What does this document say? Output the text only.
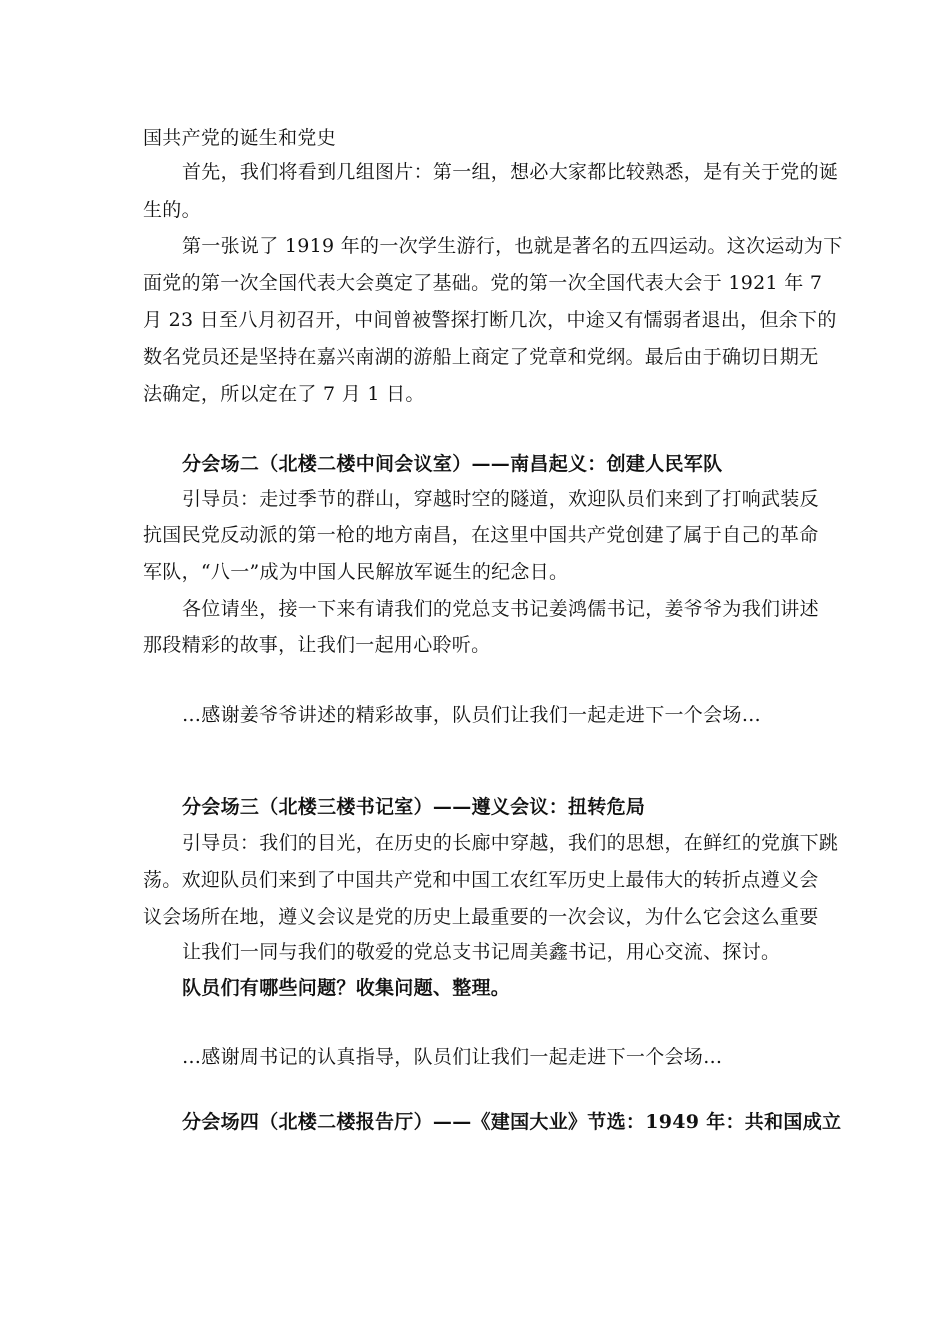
国共产党的诞生和党史
首先，我们将看到几组图片：第一组，想必大家都比较熟悉，是有关于党的诞
生的。
第一张说了 1919 年的一次学生游行，也就是著名的五四运动。这次运动为下
面党的第一次全国代表大会奠定了基础。党的第一次全国代表大会于 1921 年 7
月 23 日至八月初召开，中间曾被警探打断几次，中途又有懦弱者退出，但余下的
数名党员还是坚持在嘉兴南湖的游船上商定了党章和党纲。最后由于确切日期无
法确定，所以定在了 7 月 1 日。
分会场二（北楼二楼中间会议室）——南昌起义：创建人民军队
引导员：走过季节的群山，穿越时空的隧道，欢迎队员们来到了打响武装反
抗国民党反动派的第一枪的地方南昌，在这里中国共产党创建了属于自己的革命
军队，“八一”成为中国人民解放军诞生的纪念日。
各位请坐，接一下来有请我们的党总支书记姜鸿儒书记，姜爷爷为我们讲述
那段精彩的故事，让我们一起用心聆听。
…感谢姜爷爷讲述的精彩故事，队员们让我们一起走进下一个会场…
分会场三（北楼三楼书记室）——遵义会议：扭转危局
引导员：我们的目光，在历史的长廊中穿越，我们的思想，在鲜红的党旗下跳
荡。欢迎队员们来到了中国共产党和中国工农红军历史上最伟大的转折点遵义会
议会场所在地，遵义会议是党的历史上最重要的一次会议，为什么它会这么重要
让我们一同与我们的敬爱的党总支书记周美鑫书记，用心交流、探讨。
队员们有哪些问题？收集问题、整理。
…感谢周书记的认真指导，队员们让我们一起走进下一个会场…
分会场四（北楼二楼报告厅）——《建国大业》节选：1949 年：共和国成立
